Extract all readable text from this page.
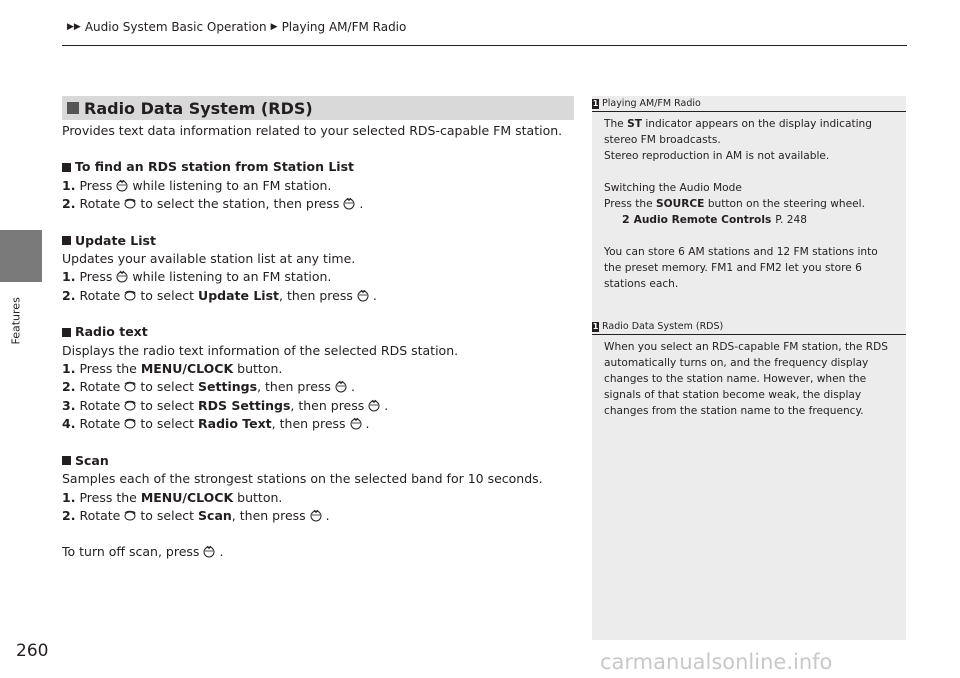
Features
▶▶ Audio System Basic Operation ▶ Playing AM/FM Radio
Radio Data System (RDS)

Provides text data information related to your selected RDS-capable FM station.

To find an RDS station from Station List

1. Press while listening to an FM station.

2. Rotate to select the station, then press .

Update List

Updates your available station list at any time.

1. Press while listening to an FM station.

2. Rotate to select Update List, then press .

Radio text

Displays the radio text information of the selected RDS station.

1. Press the MENU/CLOCK button.

2. Rotate to select Settings, then press .

3. Rotate to select RDS Settings, then press .

4. Rotate to select Radio Text, then press .

Scan

Samples each of the strongest stations on the selected band for 10 seconds.

1. Press the MENU/CLOCK button.

2. Rotate to select Scan, then press .

To turn off scan, press .

1 Playing AM/FM Radio

The ST indicator appears on the display indicating

stereo FM broadcasts.

Stereo reproduction in AM is not available.

Switching the Audio Mode

Press the SOURCE button on the steering wheel.

2 Audio Remote Controls P. 248

You can store 6 AM stations and 12 FM stations into

the preset memory. FM1 and FM2 let you store 6

stations each.

1 Radio Data System (RDS)

When you select an RDS-capable FM station, the RDS

automatically turns on, and the frequency display

changes to the station name. However, when the

signals of that station become weak, the display

changes from the station name to the frequency.

260	carmanualsonline.info
